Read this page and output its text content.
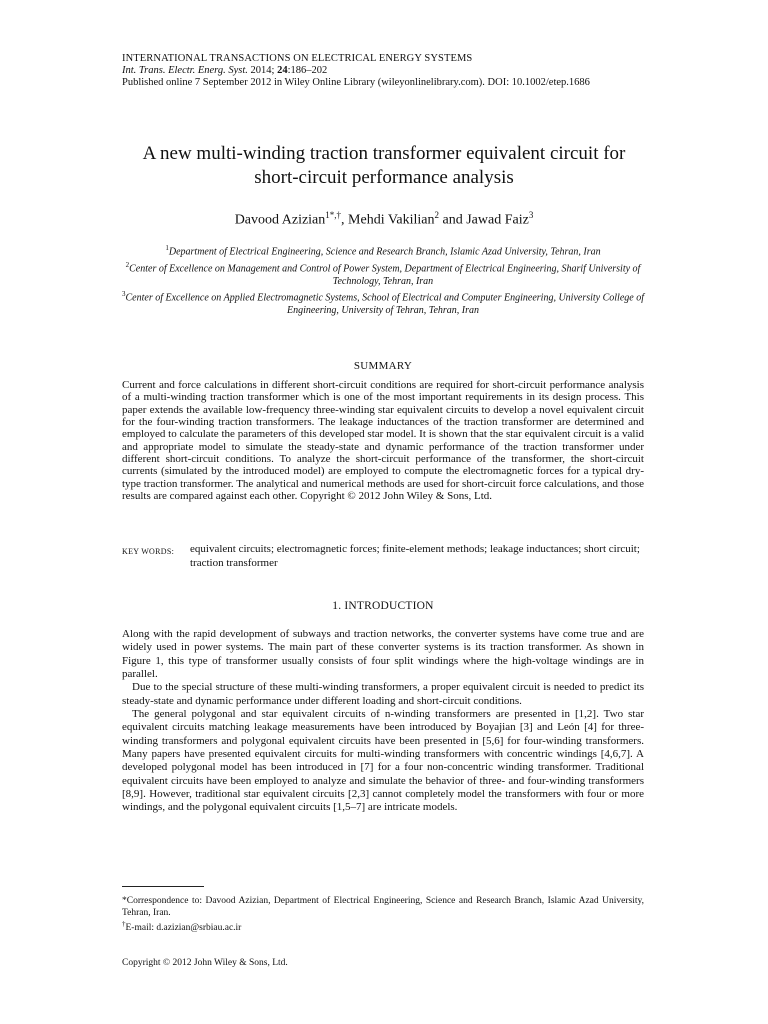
INTERNATIONAL TRANSACTIONS ON ELECTRICAL ENERGY SYSTEMS
Int. Trans. Electr. Energ. Syst. 2014; 24:186–202
Published online 7 September 2012 in Wiley Online Library (wileyonlinelibrary.com). DOI: 10.1002/etep.1686
A new multi-winding traction transformer equivalent circuit for
short-circuit performance analysis
Davood Azizian$^{1*,\dagger}$, Mehdi Vakilian$^2$ and Jawad Faiz$^3$
$^1$Department of Electrical Engineering, Science and Research Branch, Islamic Azad University, Tehran, Iran
$^2$Center of Excellence on Management and Control of Power System, Department of Electrical Engineering, Sharif University of Technology, Tehran, Iran
$^3$Center of Excellence on Applied Electromagnetic Systems, School of Electrical and Computer Engineering, University College of Engineering, University of Tehran, Tehran, Iran
SUMMARY
Current and force calculations in different short-circuit conditions are required for short-circuit performance analysis of a multi-winding traction transformer which is one of the most important requirements in its design process. This paper extends the available low-frequency three-winding star equivalent circuits to develop a novel equivalent circuit for the four-winding traction transformers. The leakage inductances of the traction transformer are determined and employed to calculate the parameters of this developed star model. It is shown that the star equivalent circuit is a valid and appropriate model to simulate the steady-state and dynamic performance of the traction transformer under different short-circuit conditions. To analyze the short-circuit performance of the transformer, the short-circuit currents (simulated by the introduced model) are employed to compute the electromagnetic forces for a typical dry-type traction transformer. The analytical and numerical methods are used for short-circuit force calculations, and those results are compared against each other. Copyright © 2012 John Wiley & Sons, Ltd.
KEY WORDS:	equivalent circuits; electromagnetic forces; finite-element methods; leakage inductances; short circuit; traction transformer
1. INTRODUCTION

Along with the rapid development of subways and traction networks, the converter systems have come true and are widely used in power systems. The main part of these converter systems is its traction transformer. As shown in Figure 1, this type of transformer usually consists of four split windings where the high-voltage windings are in parallel.

Due to the special structure of these multi-winding transformers, a proper equivalent circuit is needed to predict its steady-state and dynamic performance under different loading and short-circuit conditions.

The general polygonal and star equivalent circuits of n-winding transformers are presented in [1,2]. Two star equivalent circuits matching leakage measurements have been introduced by Boyajian [3] and León [4] for three-winding transformers and polygonal equivalent circuits have been presented in [5,6] for four-winding transformers. Many papers have presented equivalent circuits for multi-winding transformers with concentric windings [4,6,7]. A developed polygonal model has been introduced in [7] for a four non-concentric winding transformer. Traditional equivalent circuits have been employed to analyze and simulate the behavior of three- and four-winding transformers [8,9]. However, traditional star equivalent circuits [2,3] cannot completely model the transformers with four or more windings, and the polygonal equivalent circuits [1,5–7] are intricate models.

*Correspondence to: Davood Azizian, Department of Electrical Engineering, Science and Research Branch, Islamic Azad University, Tehran, Iran.

†E-mail: d.azizian@srbiau.ac.ir

Copyright © 2012 John Wiley & Sons, Ltd.
